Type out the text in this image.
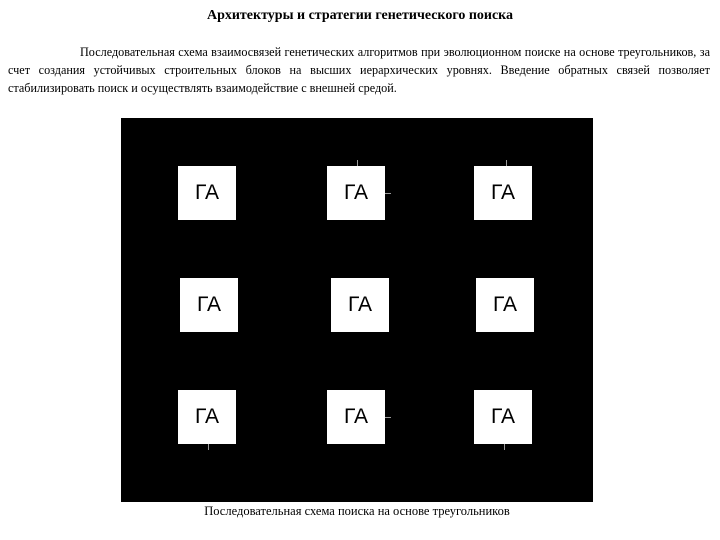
Архитектуры и стратегии генетического поиска
Последовательная схема взаимосвязей генетических алгоритмов при эволюционном поиске на основе треугольников, за счет создания устойчивых строительных блоков на высших иерархических уровнях. Введение обратных связей позволяет стабилизировать поиск и осуществлять взаимодействие с внешней средой.
ГА	ГА	ГА
ГА	ГА	ГА
ГА	ГА	ГА
Последовательная схема поиска на основе треугольников
